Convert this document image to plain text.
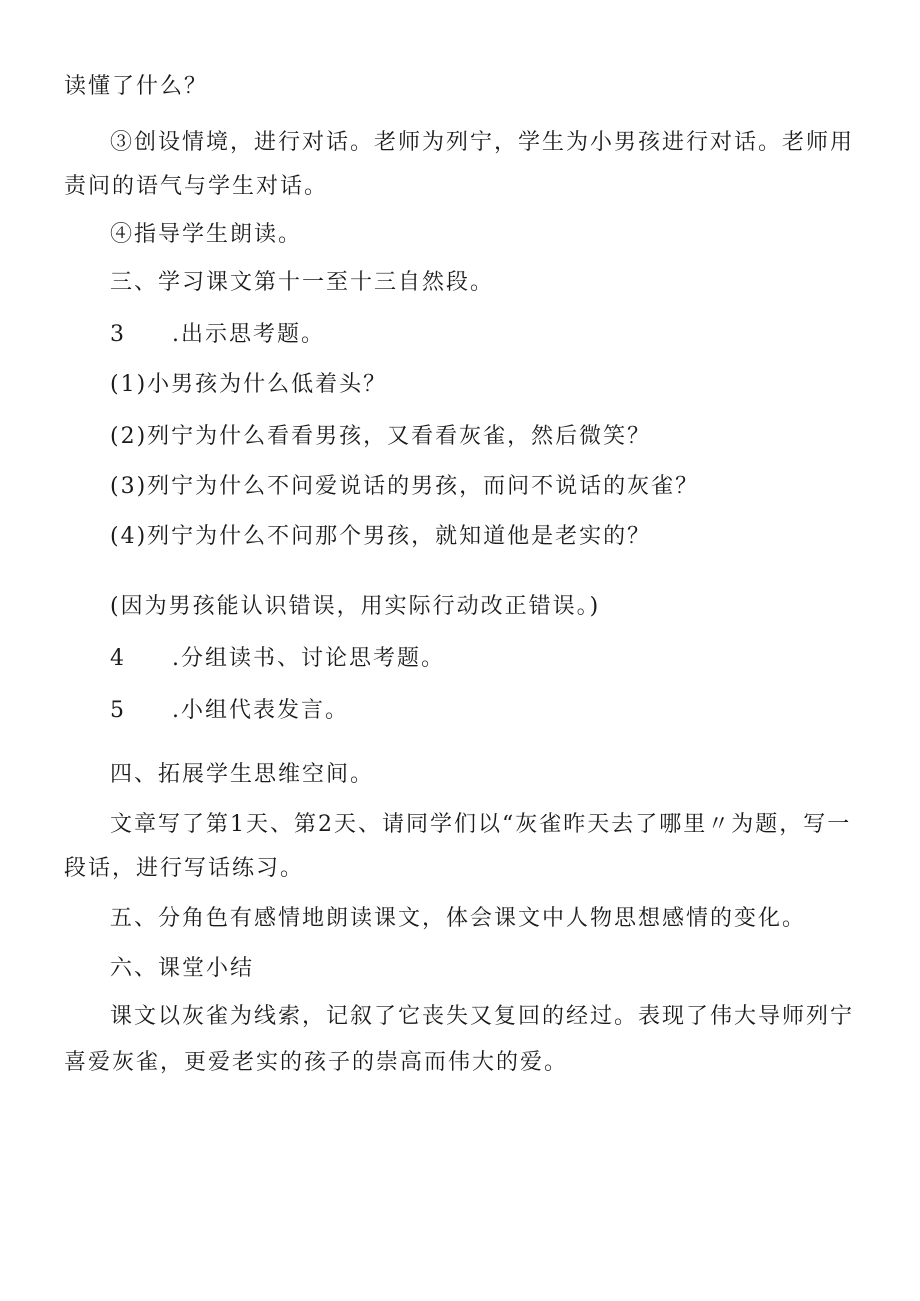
读懂了什么？
③创设情境，进行对话。老师为列宁，学生为小男孩进行对话。老师用
责问的语气与学生对话。
④指导学生朗读。
三、学习课文第十一至十三自然段。
3 .出示思考题。
(1)小男孩为什么低着头？
(2)列宁为什么看看男孩，又看看灰雀，然后微笑？
(3)列宁为什么不问爱说话的男孩，而问不说话的灰雀？
(4)列宁为什么不问那个男孩，就知道他是老实的？
(因为男孩能认识错误，用实际行动改正错误。)
4 .分组读书、讨论思考题。
5 .小组代表发言。
四、拓展学生思维空间。
文章写了第1天、第2天、请同学们以“灰雀昨天去了哪里〃为题，写一
段话，进行写话练习。
五、分角色有感情地朗读课文，体会课文中人物思想感情的变化。
六、课堂小结
课文以灰雀为线索，记叙了它丧失又复回的经过。表现了伟大导师列宁
喜爱灰雀，更爱老实的孩子的崇高而伟大的爱。
